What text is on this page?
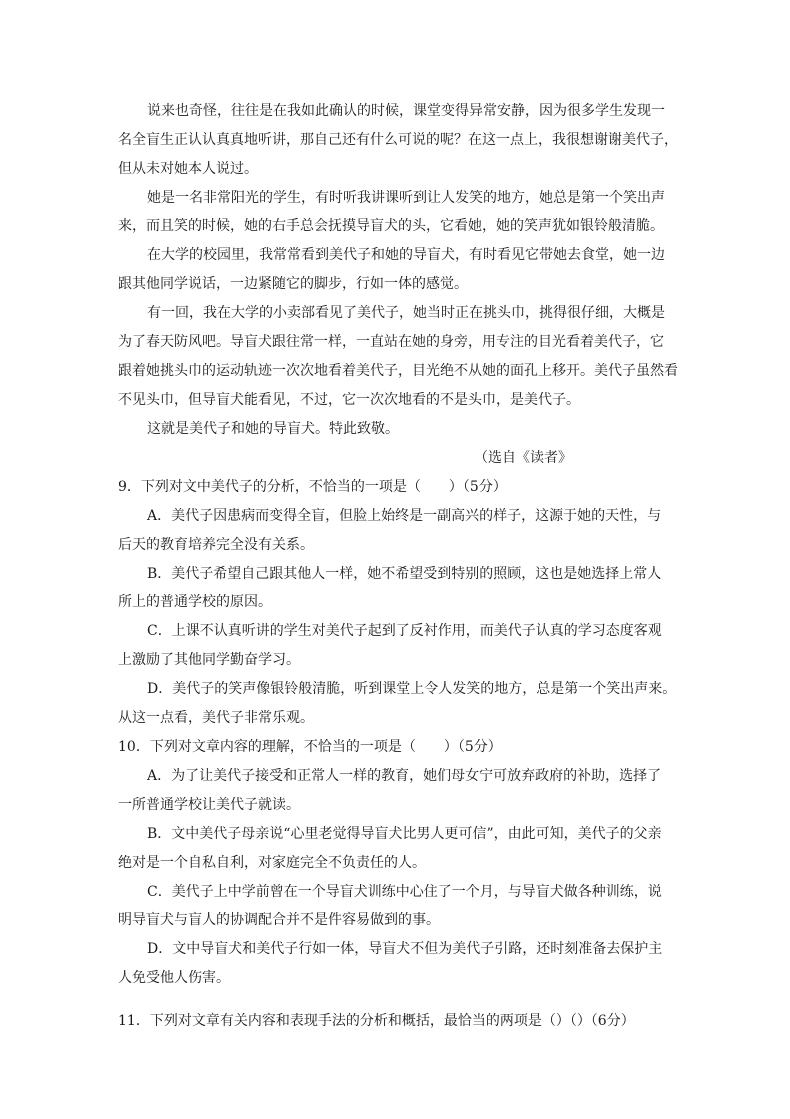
说来也奇怪，往往是在我如此确认的时候，课堂变得异常安静，因为很多学生发现一
名全盲生正认认真真地听讲，那自己还有什么可说的呢？在这一点上，我很想谢谢美代子，
但从未对她本人说过。
她是一名非常阳光的学生，有时听我讲课听到让人发笑的地方，她总是第一个笑出声
来，而且笑的时候，她的右手总会抚摸导盲犬的头，它看她，她的笑声犹如银铃般清脆。
在大学的校园里，我常常看到美代子和她的导盲犬，有时看见它带她去食堂，她一边
跟其他同学说话，一边紧随它的脚步，行如一体的感觉。
有一回，我在大学的小卖部看见了美代子，她当时正在挑头巾，挑得很仔细，大概是
为了春天防风吧。导盲犬跟往常一样，一直站在她的身旁，用专注的目光看着美代子，它
跟着她挑头巾的运动轨迹一次次地看着美代子，目光绝不从她的面孔上移开。美代子虽然看
不见头巾，但导盲犬能看见，不过，它一次次地看的不是头巾，是美代子。
这就是美代子和她的导盲犬。特此致敬。
（选自《读者》
9．下列对文中美代子的分析，不恰当的一项是（　　）（5分）
A．美代子因患病而变得全盲，但脸上始终是一副高兴的样子，这源于她的天性，与
后天的教育培养完全没有关系。
B．美代子希望自己跟其他人一样，她不希望受到特别的照顾，这也是她选择上常人
所上的普通学校的原因。
C．上课不认真听讲的学生对美代子起到了反衬作用，而美代子认真的学习态度客观
上激励了其他同学勤奋学习。
D．美代子的笑声像银铃般清脆，听到课堂上令人发笑的地方，总是第一个笑出声来。
从这一点看，美代子非常乐观。
10．下列对文章内容的理解，不恰当的一项是（　　）（5分）
A．为了让美代子接受和正常人一样的教育，她们母女宁可放弃政府的补助，选择了
一所普通学校让美代子就读。
B．文中美代子母亲说“心里老觉得导盲犬比男人更可信”，由此可知，美代子的父亲
绝对是一个自私自利，对家庭完全不负责任的人。
C．美代子上中学前曾在一个导盲犬训练中心住了一个月，与导盲犬做各种训练，说
明导盲犬与盲人的协调配合并不是件容易做到的事。
D．文中导盲犬和美代子行如一体，导盲犬不但为美代子引路，还时刻准备去保护主
人免受他人伤害。
11．下列对文章有关内容和表现手法的分析和概括，最恰当的两项是（）（）（6分）
